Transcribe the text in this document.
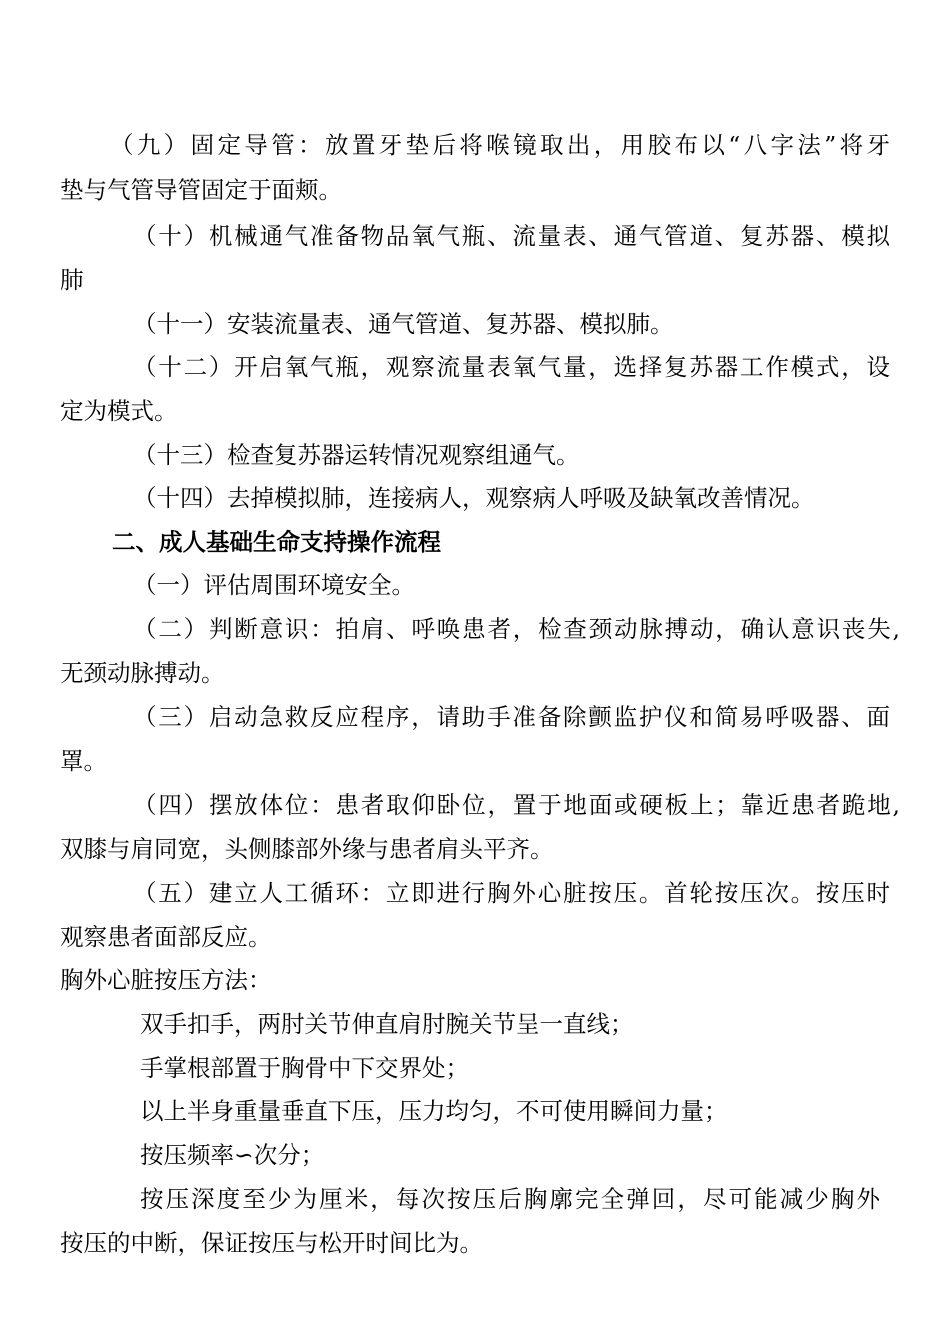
（九）固定导管：放置牙垫后将喉镜取出，用胶布以“八字法”将牙
垫与气管导管固定于面颊。
（十）机械通气准备物品氧气瓶、流量表、通气管道、复苏器、模拟
肺
（十一）安装流量表、通气管道、复苏器、模拟肺。
（十二）开启氧气瓶，观察流量表氧气量，选择复苏器工作模式，设
定为模式。
（十三）检查复苏器运转情况观察组通气。
（十四）去掉模拟肺，连接病人，观察病人呼吸及缺氧改善情况。
二、成人基础生命支持操作流程
（一）评估周围环境安全。
（二）判断意识：拍肩、呼唤患者，检查颈动脉搏动，确认意识丧失,
无颈动脉搏动。
（三）启动急救反应程序，请助手准备除颤监护仪和简易呼吸器、面
罩。
（四）摆放体位：患者取仰卧位，置于地面或硬板上；靠近患者跪地,
双膝与肩同宽，头侧膝部外缘与患者肩头平齐。
（五）建立人工循环：立即进行胸外心脏按压。首轮按压次。按压时
观察患者面部反应。
胸外心脏按压方法：
双手扣手，两肘关节伸直肩肘腕关节呈一直线；
手掌根部置于胸骨中下交界处；
以上半身重量垂直下压，压力均匀，不可使用瞬间力量；
按压频率∽次分；
按压深度至少为厘米，每次按压后胸廓完全弹回，尽可能减少胸外
按压的中断，保证按压与松开时间比为。
